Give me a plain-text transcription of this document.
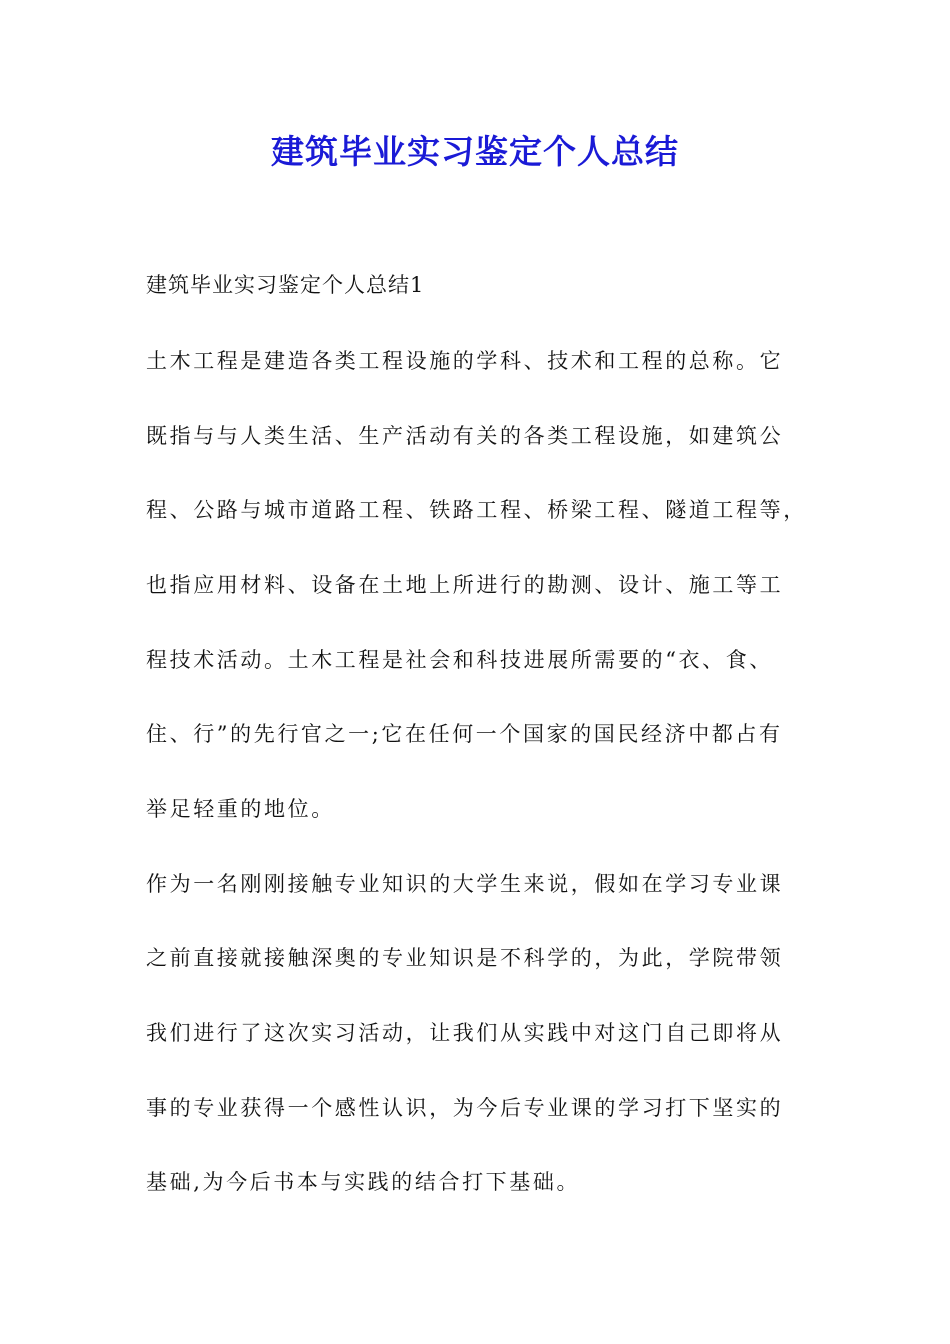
建筑毕业实习鉴定个人总结
建筑毕业实习鉴定个人总结1
土木工程是建造各类工程设施的学科、技术和工程的总称。它
既指与与人类生活、生产活动有关的各类工程设施，如建筑公
程、公路与城市道路工程、铁路工程、桥梁工程、隧道工程等，
也指应用材料、设备在土地上所进行的勘测、设计、施工等工
程技术活动。土木工程是社会和科技进展所需要的“衣、食、
住、行”的先行官之一;它在任何一个国家的国民经济中都占有
举足轻重的地位。
作为一名刚刚接触专业知识的大学生来说，假如在学习专业课
之前直接就接触深奥的专业知识是不科学的，为此，学院带领
我们进行了这次实习活动，让我们从实践中对这门自己即将从
事的专业获得一个感性认识，为今后专业课的学习打下坚实的
基础,为今后书本与实践的结合打下基础。
